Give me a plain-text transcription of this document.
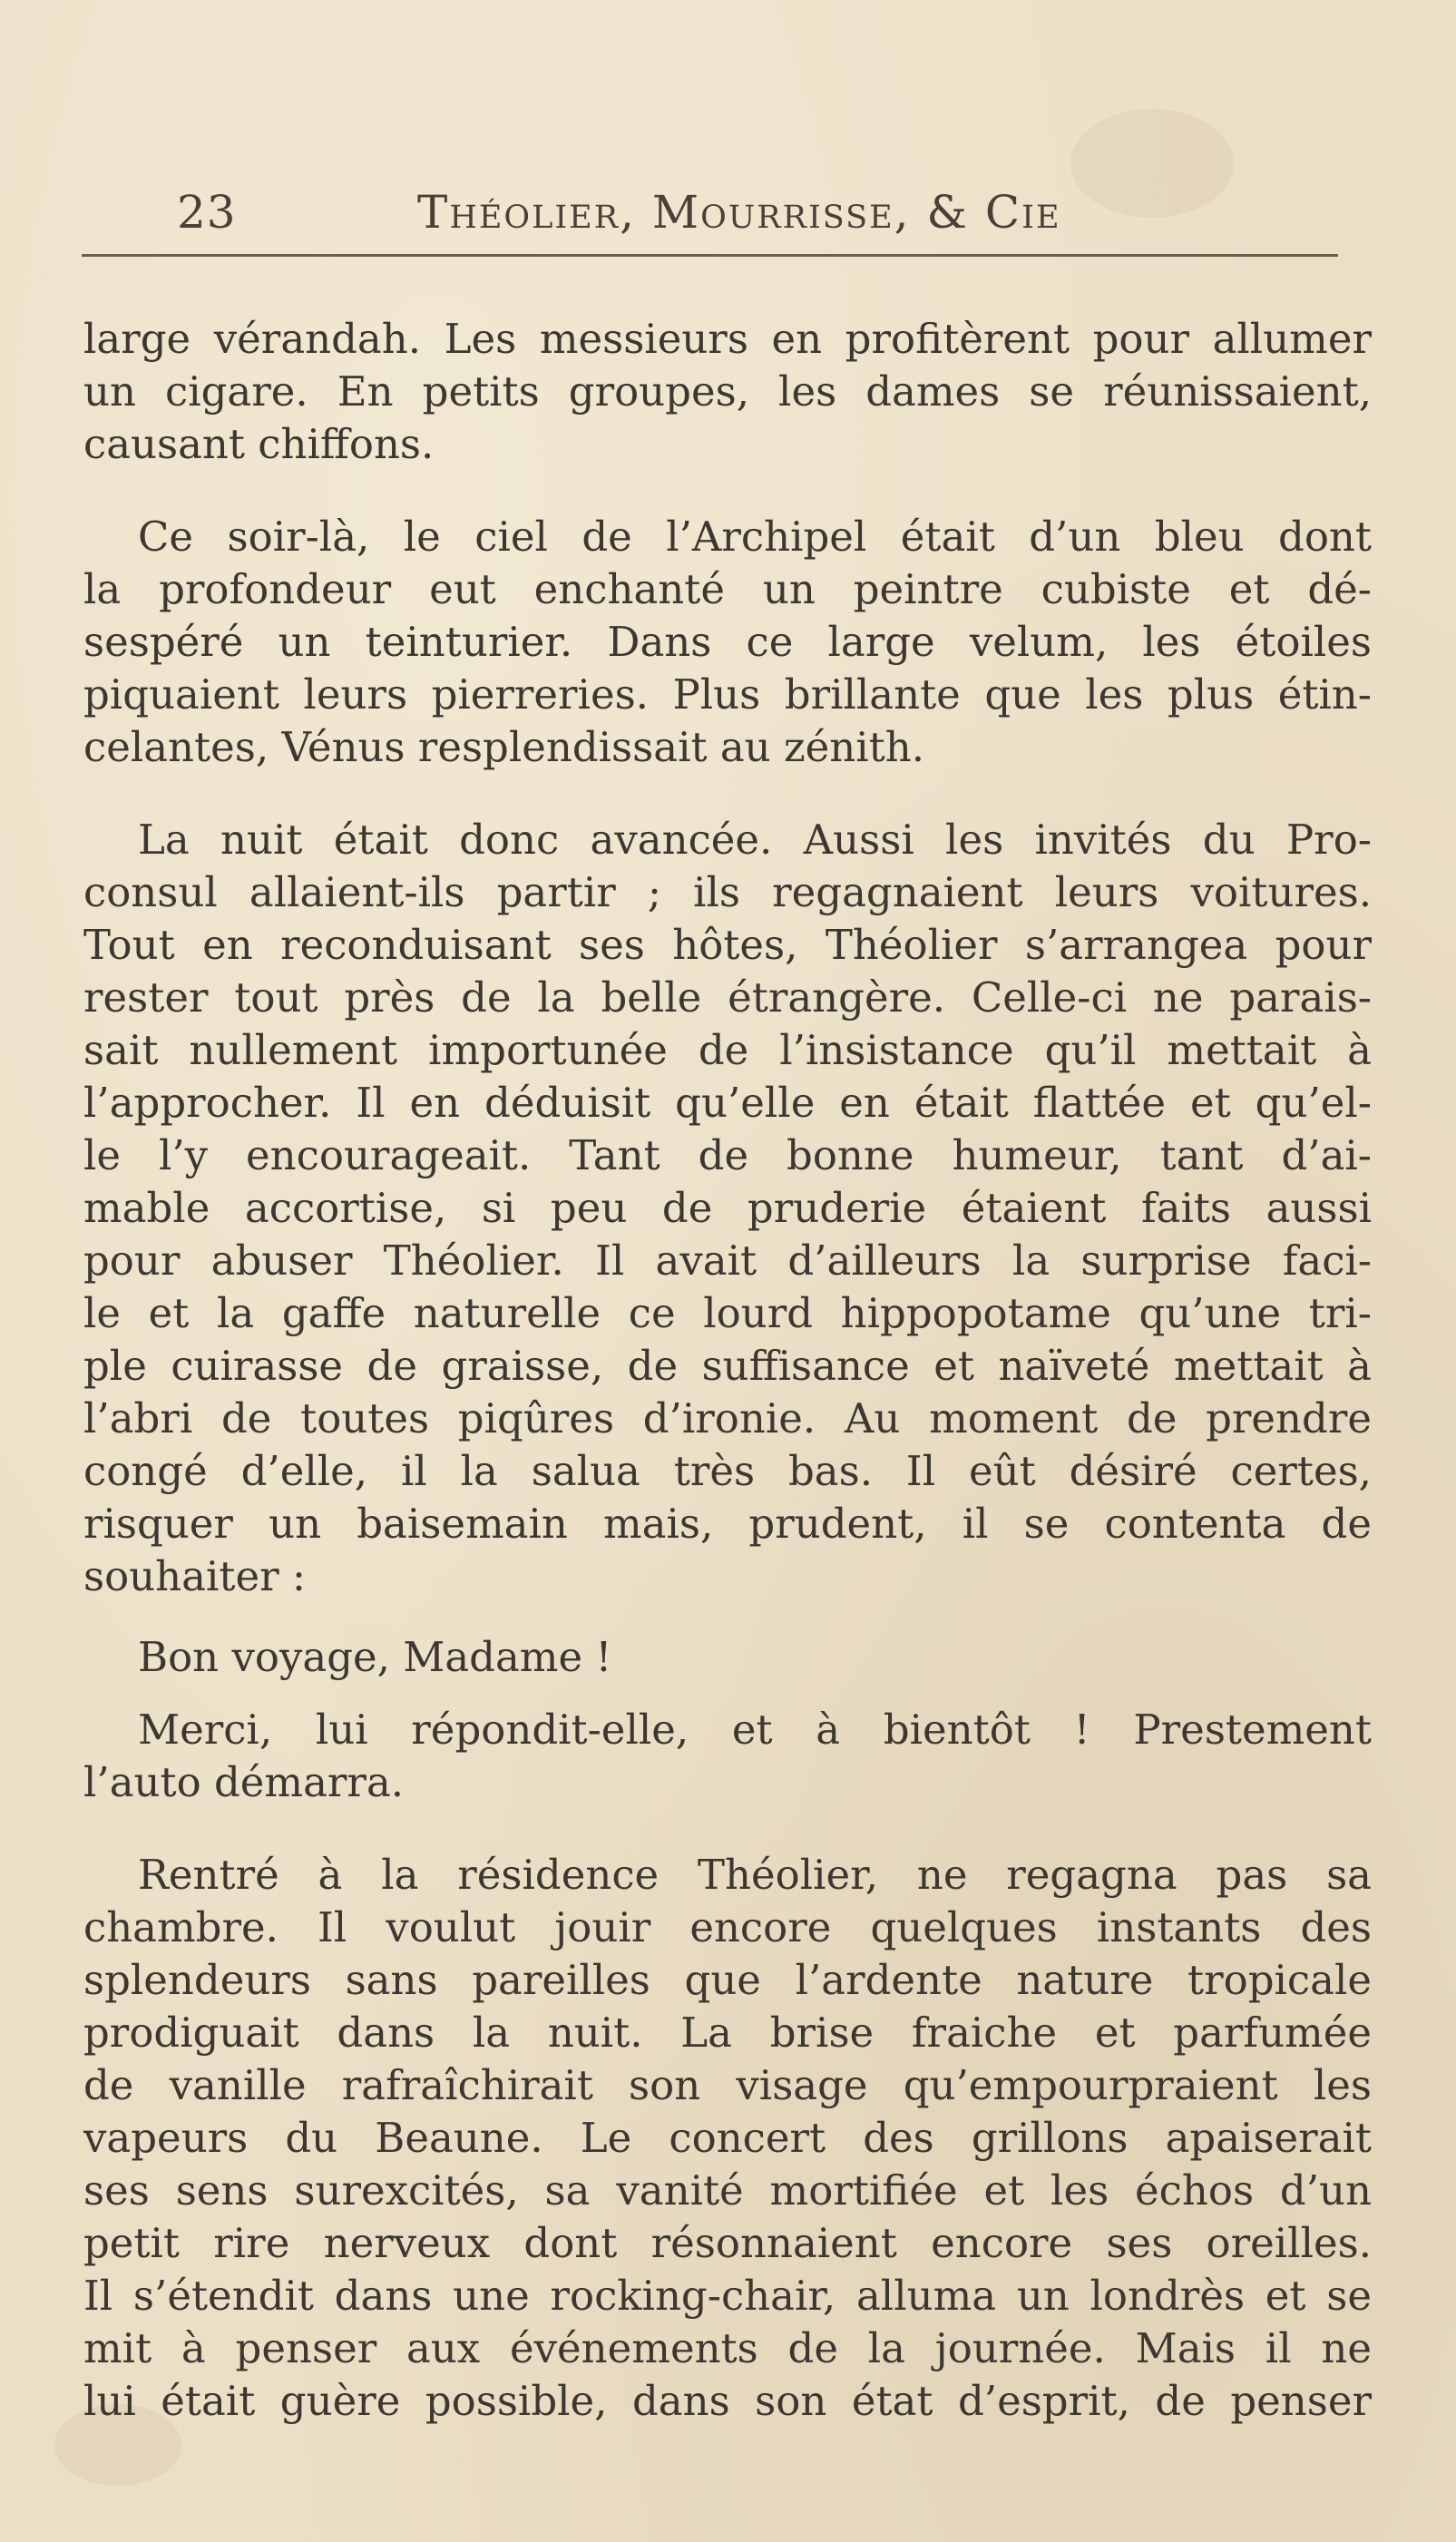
23	Théolier, Mourrisse, & Cie
large vérandah. Les messieurs en profitèrent pour allumer
un cigare. En petits groupes, les dames se réunissaient,
causant chiffons.
Ce soir-là, le ciel de l’Archipel était d’un bleu dont
la profondeur eut enchanté un peintre cubiste et dé-
sespéré un teinturier. Dans ce large velum, les étoiles
piquaient leurs pierreries. Plus brillante que les plus étin-
celantes, Vénus resplendissait au zénith.
La nuit était donc avancée. Aussi les invités du Pro-
consul allaient-ils partir ; ils regagnaient leurs voitures.
Tout en reconduisant ses hôtes, Théolier s’arrangea pour
rester tout près de la belle étrangère. Celle-ci ne parais-
sait nullement importunée de l’insistance qu’il mettait à
l’approcher. Il en déduisit qu’elle en était flattée et qu’el-
le l’y encourageait. Tant de bonne humeur, tant d’ai-
mable accortise, si peu de pruderie étaient faits aussi
pour abuser Théolier. Il avait d’ailleurs la surprise faci-
le et la gaffe naturelle ce lourd hippopotame qu’une tri-
ple cuirasse de graisse, de suffisance et naïveté mettait à
l’abri de toutes piqûres d’ironie. Au moment de prendre
congé d’elle, il la salua très bas. Il eût désiré certes,
risquer un baisemain mais, prudent, il se contenta de
souhaiter :
Bon voyage, Madame !
Merci, lui répondit-elle, et à bientôt ! Prestement
l’auto démarra.
Rentré à la résidence Théolier, ne regagna pas sa
chambre. Il voulut jouir encore quelques instants des
splendeurs sans pareilles que l’ardente nature tropicale
prodiguait dans la nuit. La brise fraiche et parfumée
de vanille rafraîchirait son visage qu’empourpraient les
vapeurs du Beaune. Le concert des grillons apaiserait
ses sens surexcités, sa vanité mortifiée et les échos d’un
petit rire nerveux dont résonnaient encore ses oreilles.
Il s’étendit dans une rocking-chair, alluma un londrès et se
mit à penser aux événements de la journée. Mais il ne
lui était guère possible, dans son état d’esprit, de penser
